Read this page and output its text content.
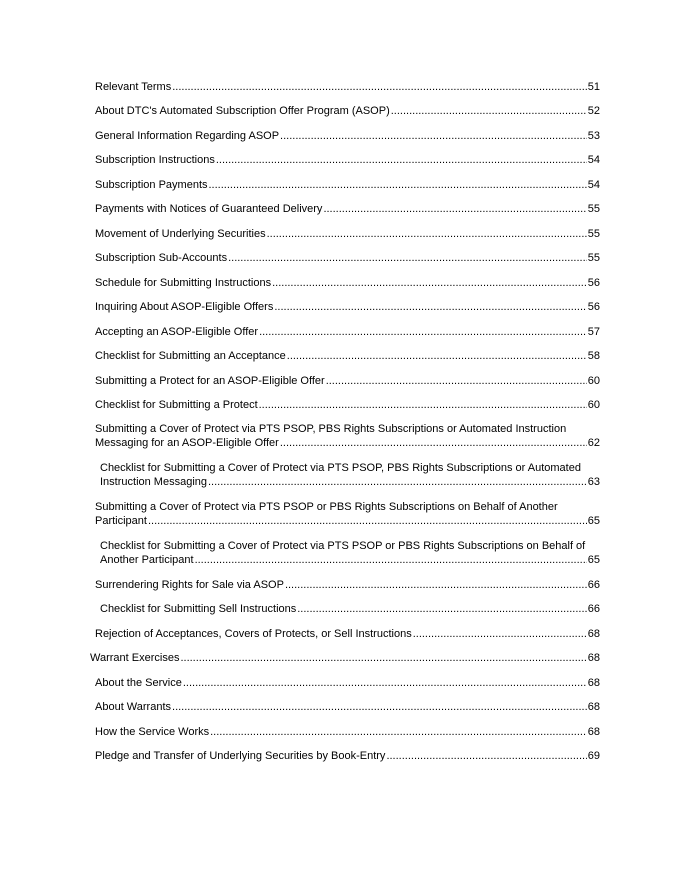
Relevant Terms .....	51
About DTC's Automated Subscription Offer Program (ASOP) .....	52
General Information Regarding ASOP .....	53
Subscription Instructions .....	54
Subscription Payments .....	54
Payments with Notices of Guaranteed Delivery .....	55
Movement of Underlying Securities .....	55
Subscription Sub-Accounts .....	55
Schedule for Submitting Instructions .....	56
Inquiring About ASOP-Eligible Offers .....	56
Accepting an ASOP-Eligible Offer .....	57
Checklist for Submitting an Acceptance .....	58
Submitting a Protect for an ASOP-Eligible Offer .....	60
Checklist for Submitting a Protect .....	60
Submitting a Cover of Protect via PTS PSOP, PBS Rights Subscriptions or Automated Instruction
Messaging for an ASOP-Eligible Offer .....	62
Checklist for Submitting a Cover of Protect via PTS PSOP, PBS Rights Subscriptions or Automated
Instruction Messaging .....	63
Submitting a Cover of Protect via PTS PSOP or PBS Rights Subscriptions on Behalf of Another
Participant .....	65
Checklist for Submitting a Cover of Protect via PTS PSOP or PBS Rights Subscriptions on Behalf of
Another Participant .....	65
Surrendering Rights for Sale via ASOP .....	66
Checklist for Submitting Sell Instructions .....	66
Rejection of Acceptances, Covers of Protects, or Sell Instructions .....	68
Warrant Exercises .....	68
About the Service .....	68
About Warrants .....	68
How the Service Works .....	68
Pledge and Transfer of Underlying Securities by Book-Entry .....	69
